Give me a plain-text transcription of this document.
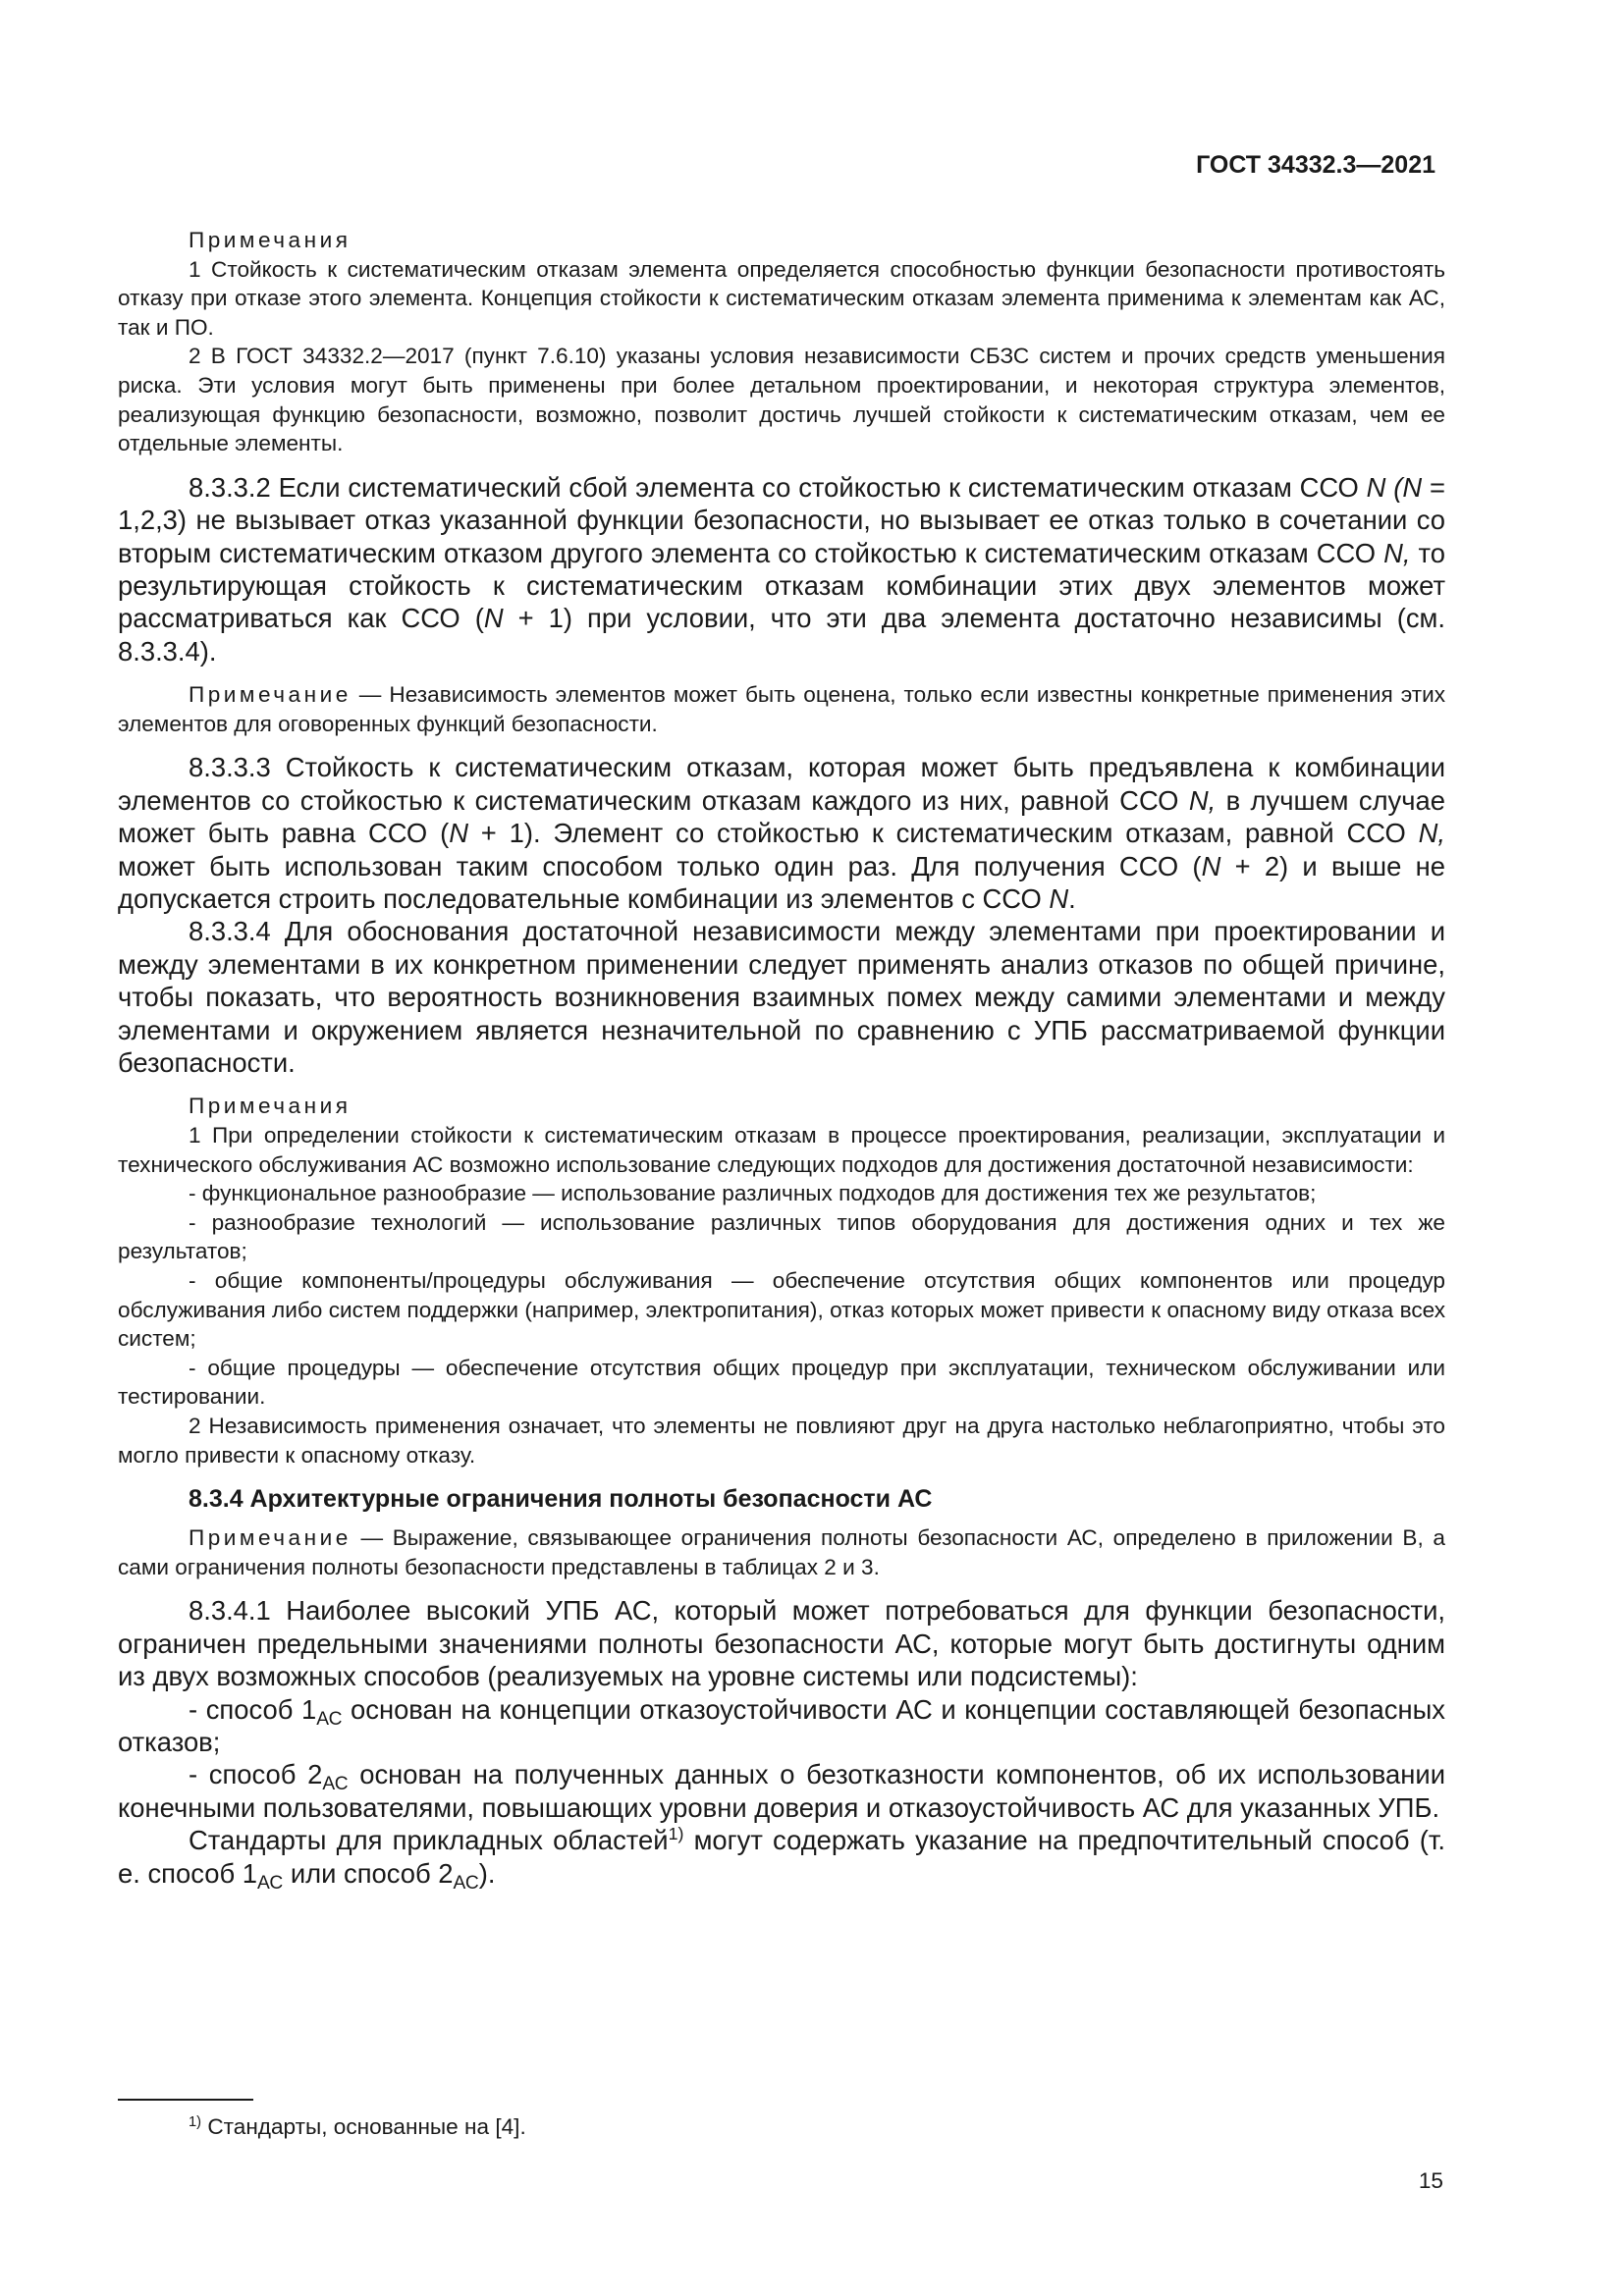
ГОСТ 34332.3—2021

Примечания

1 Стойкость к систематическим отказам элемента определяется способностью функции безопасности противостоять отказу при отказе этого элемента. Концепция стойкости к систематическим отказам элемента применима к элементам как АС, так и ПО.

2 В ГОСТ 34332.2—2017 (пункт 7.6.10) указаны условия независимости СБЗС систем и прочих средств уменьшения риска. Эти условия могут быть применены при более детальном проектировании, и некоторая структура элементов, реализующая функцию безопасности, возможно, позволит достичь лучшей стойкости к систематическим отказам, чем ее отдельные элементы.

8.3.3.2 Если систематический сбой элемента со стойкостью к систематическим отказам ССО N (N = 1,2,3) не вызывает отказ указанной функции безопасности, но вызывает ее отказ только в сочетании со вторым систематическим отказом другого элемента со стойкостью к систематическим отказам ССО N, то результирующая стойкость к систематическим отказам комбинации этих двух элементов может рассматриваться как ССО (N + 1) при условии, что эти два элемента достаточно независимы (см. 8.3.3.4).

Примечание — Независимость элементов может быть оценена, только если известны конкретные применения этих элементов для оговоренных функций безопасности.

8.3.3.3 Стойкость к систематическим отказам, которая может быть предъявлена к комбинации элементов со стойкостью к систематическим отказам каждого из них, равной ССО N, в лучшем случае может быть равна ССО (N + 1). Элемент со стойкостью к систематическим отказам, равной ССО N, может быть использован таким способом только один раз. Для получения ССО (N + 2) и выше не допускается строить последовательные комбинации из элементов с ССО N.

8.3.3.4 Для обоснования достаточной независимости между элементами при проектировании и между элементами в их конкретном применении следует применять анализ отказов по общей причине, чтобы показать, что вероятность возникновения взаимных помех между самими элементами и между элементами и окружением является незначительной по сравнению с УПБ рассматриваемой функции безопасности.

Примечания

1 При определении стойкости к систематическим отказам в процессе проектирования, реализации, эксплуатации и технического обслуживания АС возможно использование следующих подходов для достижения достаточной независимости:

- функциональное разнообразие — использование различных подходов для достижения тех же результатов;

- разнообразие технологий — использование различных типов оборудования для достижения одних и тех же результатов;

- общие компоненты/процедуры обслуживания — обеспечение отсутствия общих компонентов или процедур обслуживания либо систем поддержки (например, электропитания), отказ которых может привести к опасному виду отказа всех систем;

- общие процедуры — обеспечение отсутствия общих процедур при эксплуатации, техническом обслуживании или тестировании.

2 Независимость применения означает, что элементы не повлияют друг на друга настолько неблагоприятно, чтобы это могло привести к опасному отказу.

8.3.4 Архитектурные ограничения полноты безопасности АС

Примечание — Выражение, связывающее ограничения полноты безопасности АС, определено в приложении В, а сами ограничения полноты безопасности представлены в таблицах 2 и 3.

8.3.4.1 Наиболее высокий УПБ АС, который может потребоваться для функции безопасности, ограничен предельными значениями полноты безопасности АС, которые могут быть достигнуты одним из двух возможных способов (реализуемых на уровне системы или подсистемы):

- способ $1_{АС}$ основан на концепции отказоустойчивости АС и концепции составляющей безопасных отказов;

- способ $2_{АС}$ основан на полученных данных о безотказности компонентов, об их использовании конечными пользователями, повышающих уровни доверия и отказоустойчивость АС для указанных УПБ.

Стандарты для прикладных областей$^{1)}$ могут содержать указание на предпочтительный способ (т. е. способ $1_{АС}$ или способ $2_{АС}$).

$^{1)}$ Стандарты, основанные на [4].
15
